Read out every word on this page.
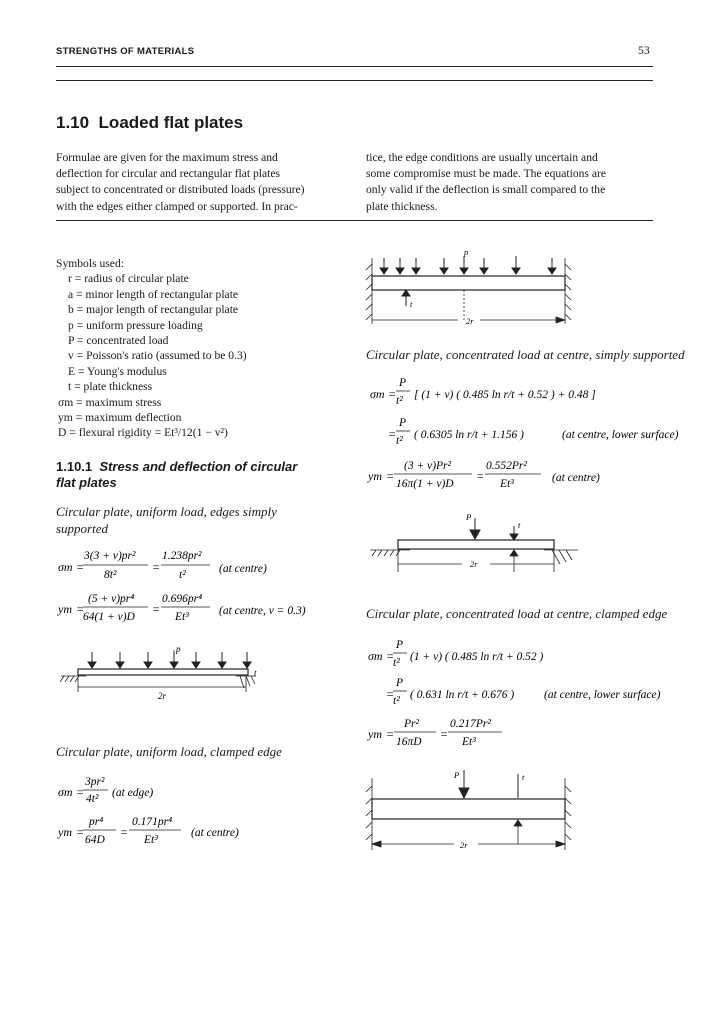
STRENGTHS OF MATERIALS	53
1.10 Loaded flat plates
Formulae are given for the maximum stress and
deflection for circular and rectangular flat plates
subject to concentrated or distributed loads (pressure)
with the edges either clamped or supported. In prac-
tice, the edge conditions are usually uncertain and
some compromise must be made. The equations are
only valid if the deflection is small compared to the
plate thickness.
Symbols used:
r = radius of circular plate
a = minor length of rectangular plate
b = major length of rectangular plate
p = uniform pressure loading
P = concentrated load
v = Poisson's ratio (assumed to be 0.3)
E = Young's modulus
t = plate thickness
σm = maximum stress
ym = maximum deflection
D = flexural rigidity = Et³/12(1 − v²)
1.10.1 Stress and deflection of circular
flat plates
Circular plate, uniform load, edges simply
supported
σm =
3(3 + v)pr²
8t²
=
1.238pr²
t²	(at centre)
ym =
(5 + v)pr⁴
64(1 + v)D
=
0.696pr⁴
Et³	(at centre, v = 0.3)
p
2r
t
Circular plate, uniform load, clamped edge
σm =
3pr²
4t² (at edge)
ym =
pr⁴
64D
=
0.171pr⁴
Et³
(at centre)
p
t
2r
Circular plate, concentrated load at centre, simply supported
σm =
P
t² [ (1 + v) ( 0.485 ln r/t + 0.52 ) + 0.48 ]
=
P
t² ( 0.6305 ln r/t + 1.156 )	(at centre, lower surface)
ym =
(3 + v)Pr²
16π(1 + v)D
=
0.552Pr²
Et³	(at centre)
P
t
2r
Circular plate, concentrated load at centre, clamped edge
σm =
P
t² (1 + v) ( 0.485 ln r/t + 0.52 )
=
P
t² ( 0.631 ln r/t + 0.676 )	(at centre, lower surface)
ym =
Pr²
16πD
=
0.217Pr²
Et³
P	t
2r
